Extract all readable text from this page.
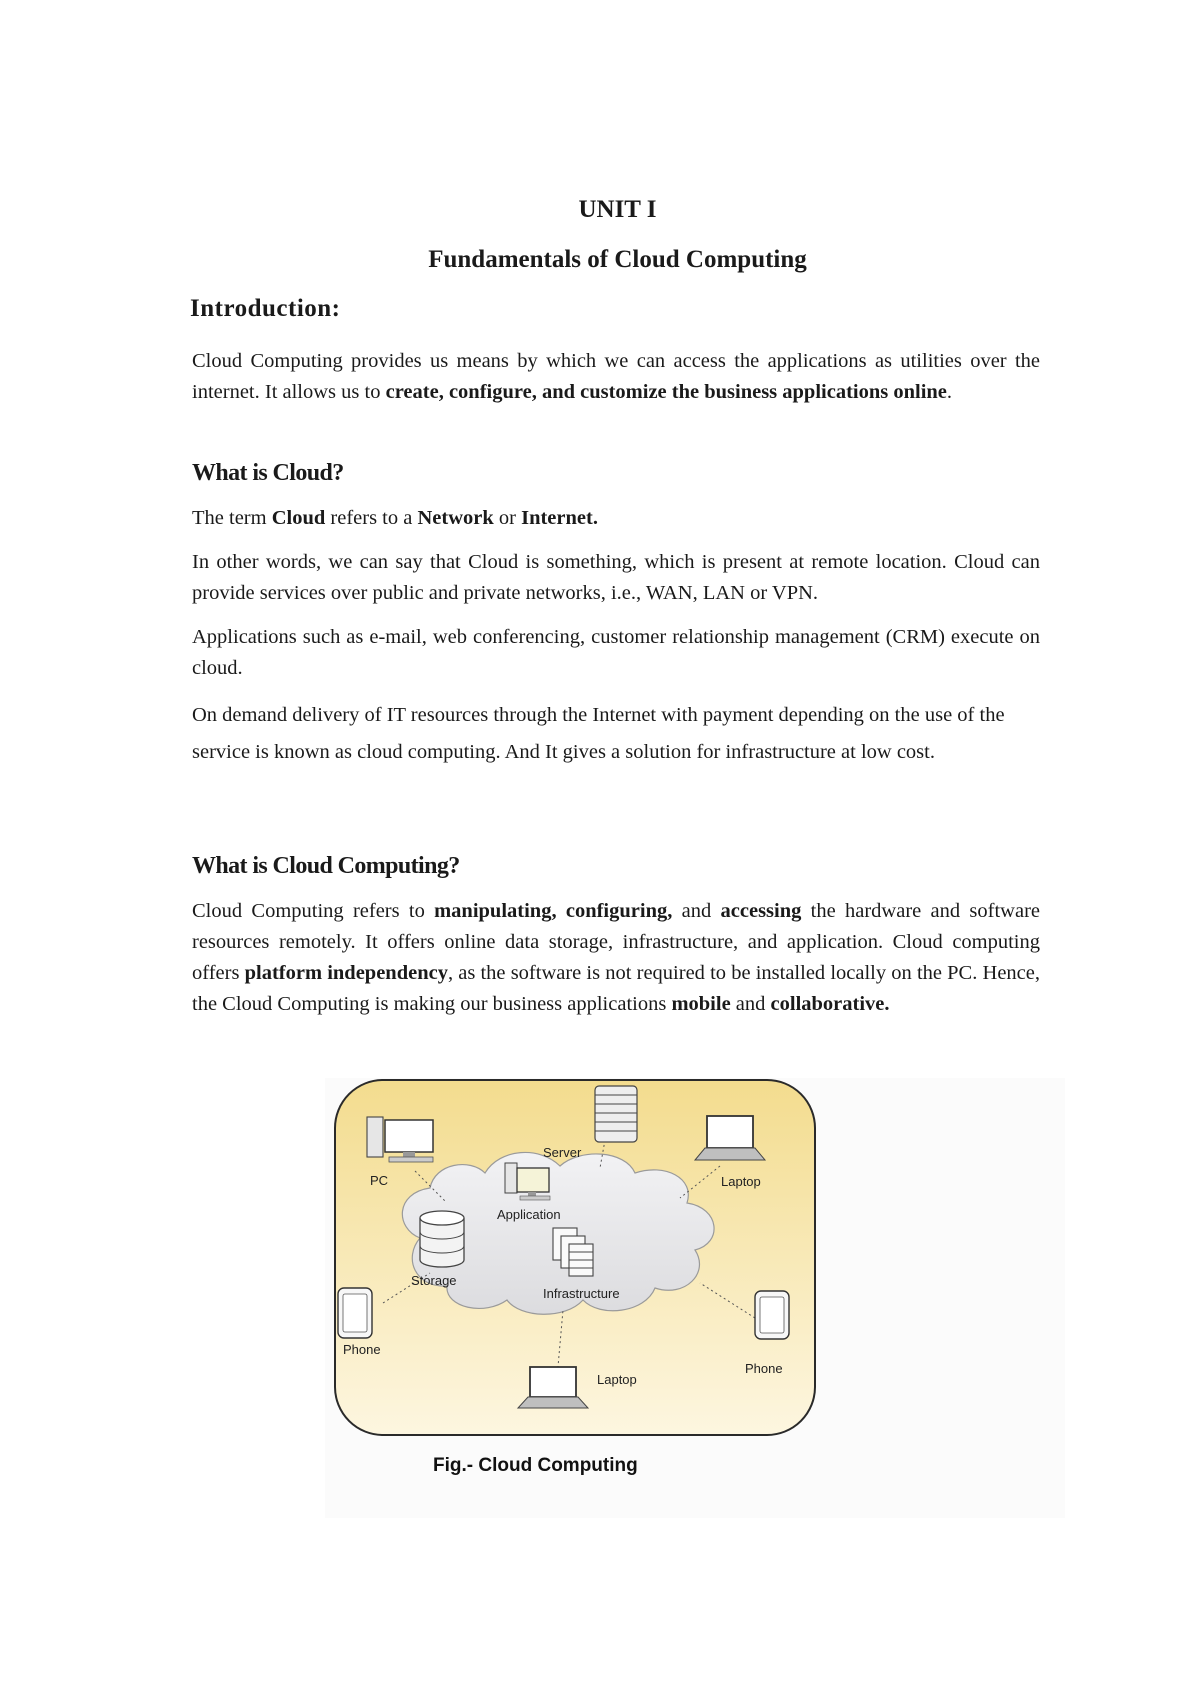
UNIT I
Fundamentals of Cloud Computing
Introduction:

Cloud Computing provides us means by which we can access the applications as utilities over the internet. It allows us to create, configure, and customize the business applications online.

What is Cloud?

The term Cloud refers to a Network or Internet.

In other words, we can say that Cloud is something, which is present at remote location. Cloud can provide services over public and private networks, i.e., WAN, LAN or VPN.

Applications such as e-mail, web conferencing, customer relationship management (CRM) execute on cloud.

On demand delivery of IT resources through the Internet with payment depending on the use of the service is known as cloud computing. And It gives a solution for infrastructure at low cost.

What is Cloud Computing?

Cloud Computing refers to manipulating, configuring, and accessing the hardware and software resources remotely. It offers online data storage, infrastructure, and application. Cloud computing offers platform independency, as the software is not required to be installed locally on the PC. Hence, the Cloud Computing is making our business applications mobile and collaborative.

Server
PC	Laptop
Application
Storage
Infrastructure
Phone
Phone
Laptop
Fig.- Cloud Computing
